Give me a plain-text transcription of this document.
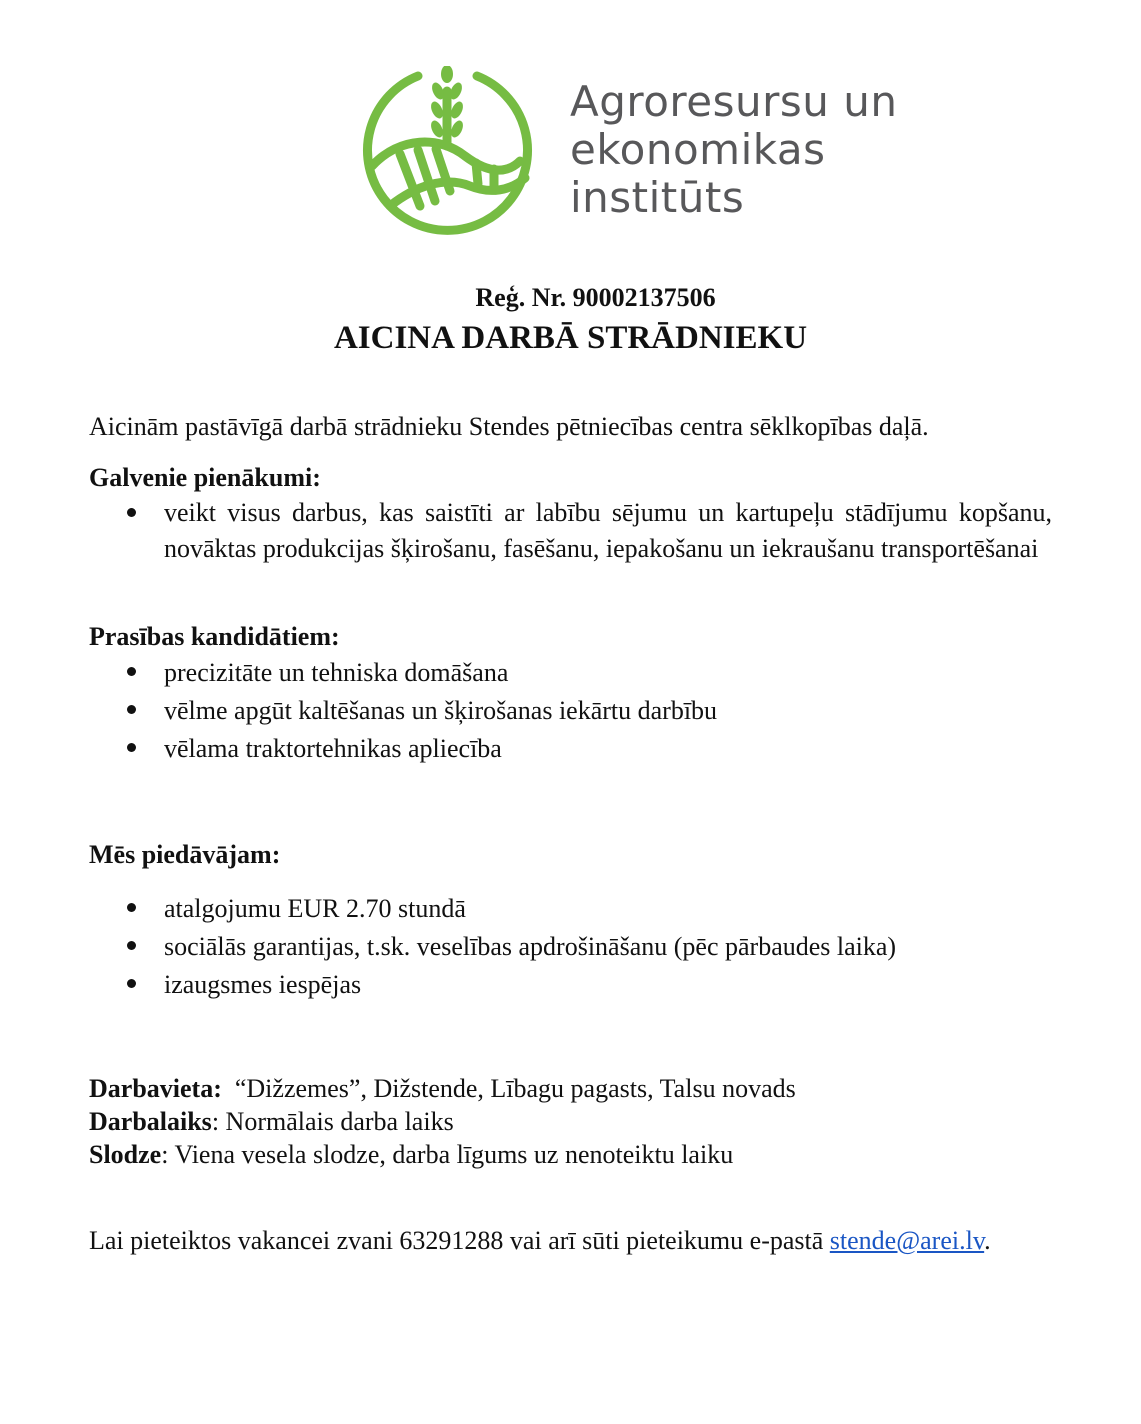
Agroresursu un
ekonomikas
institūts
Reģ. Nr. 90002137506
AICINA DARBĀ STRĀDNIEKU

Aicinām pastāvīgā darbā strādnieku Stendes pētniecības centra sēklkopības daļā.

Galvenie pienākumi:
veikt visus darbus, kas saistīti ar labību sējumu un kartupeļu stādījumu kopšanu, novāktas produkcijas šķirošanu, fasēšanu, iepakošanu un iekraušanu transportēšanai
Prasības kandidātiem:
precizitāte un tehniska domāšana
vēlme apgūt kaltēšanas un šķirošanas iekārtu darbību
vēlama traktortehnikas apliecība
Mēs piedāvājam:
atalgojumu EUR 2.70 stundā
sociālās garantijas, t.sk. veselības apdrošināšanu (pēc pārbaudes laika)
izaugsmes iespējas

Darbavieta: “Dižzemes”, Dižstende, Lībagu pagasts, Talsu novads

Darbalaiks: Normālais darba laiks

Slodze: Viena vesela slodze, darba līgums uz nenoteiktu laiku

Lai pieteiktos vakancei zvani 63291288 vai arī sūti pieteikumu e-pastā stende@arei.lv.
